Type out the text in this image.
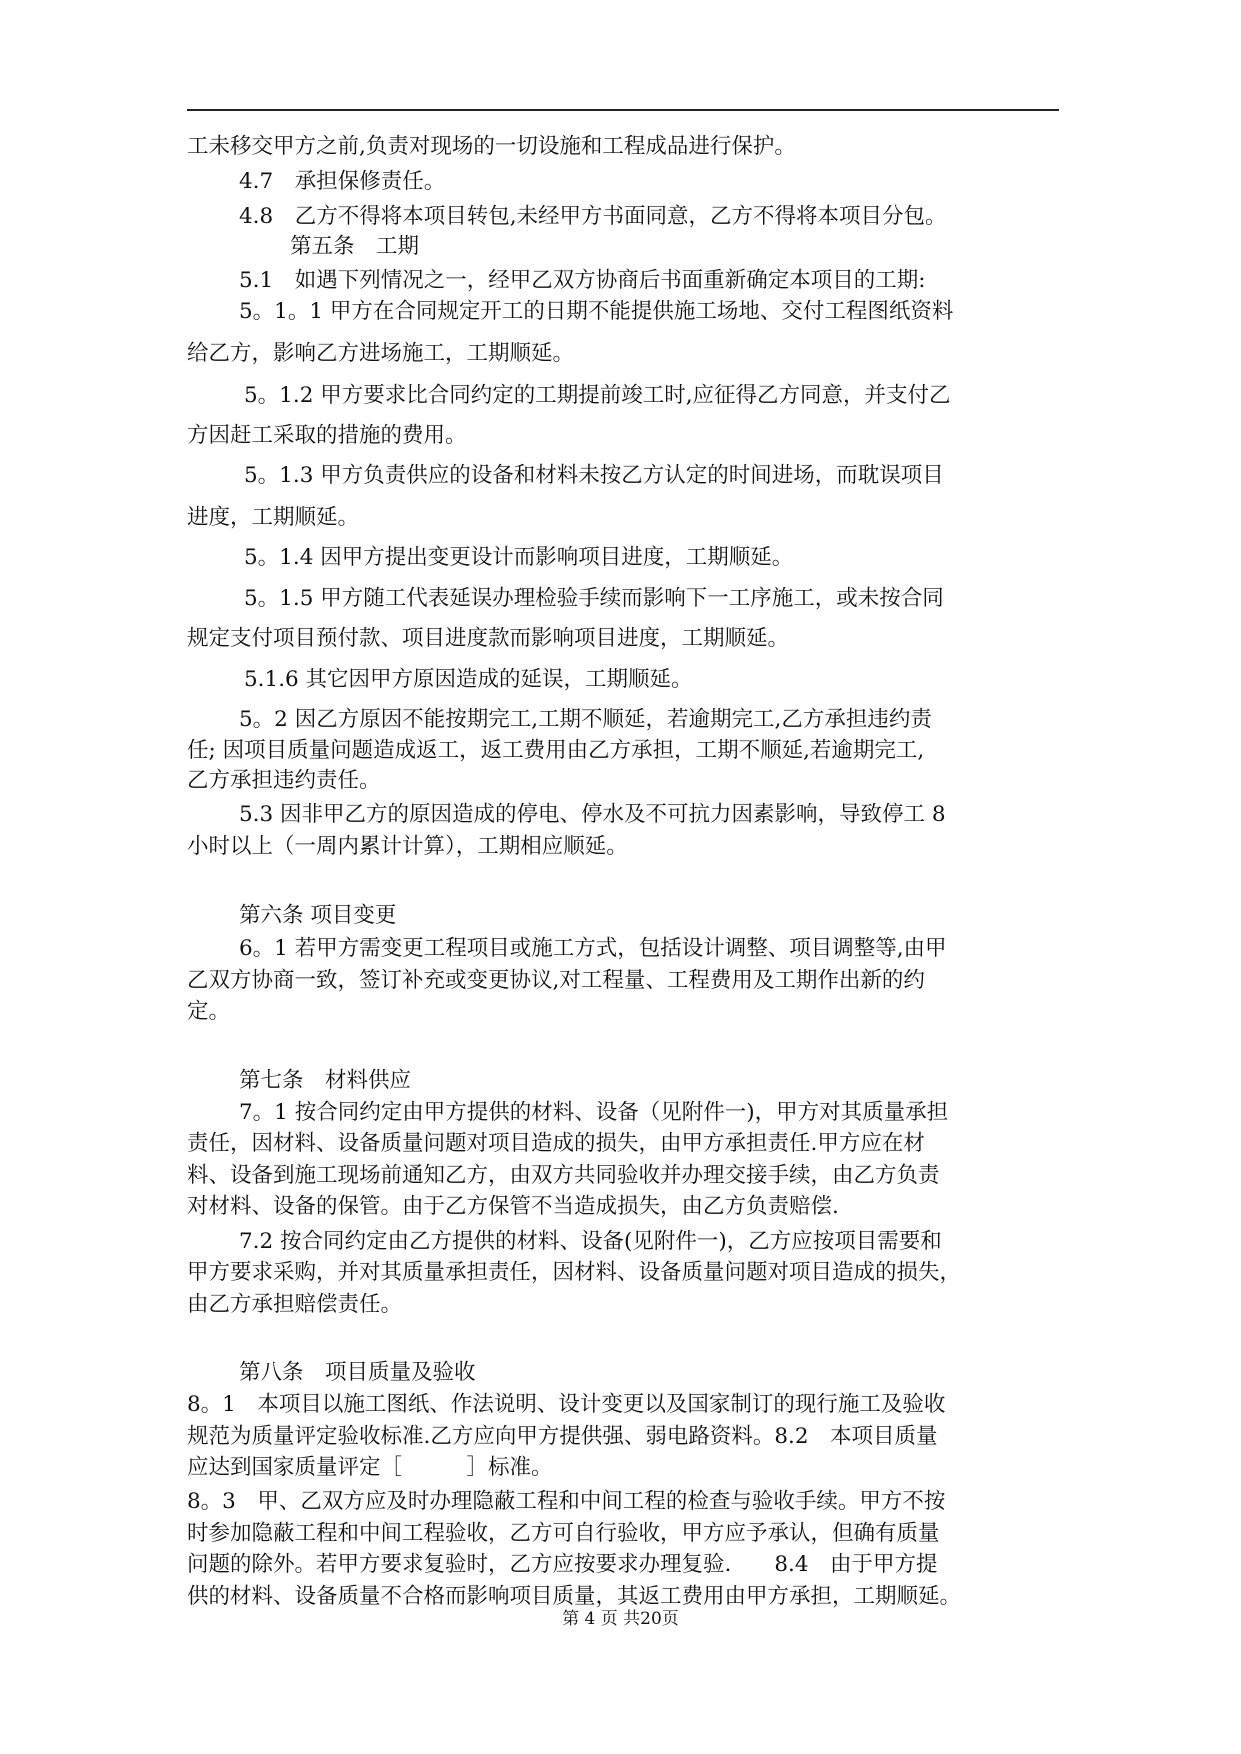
工未移交甲方之前,负责对现场的一切设施和工程成品进行保护。
4.7　承担保修责任。
4.8　乙方不得将本项目转包,未经甲方书面同意，乙方不得将本项目分包。
第五条　工期
5.1　如遇下列情况之一，经甲乙双方协商后书面重新确定本项目的工期:
5。1。1 甲方在合同规定开工的日期不能提供施工场地、交付工程图纸资料
给乙方，影响乙方进场施工，工期顺延。
5。1.2 甲方要求比合同约定的工期提前竣工时,应征得乙方同意，并支付乙
方因赶工采取的措施的费用。
5。1.3 甲方负责供应的设备和材料未按乙方认定的时间进场，而耽误项目
进度，工期顺延。
5。1.4 因甲方提出变更设计而影响项目进度，工期顺延。
5。1.5 甲方随工代表延误办理检验手续而影响下一工序施工，或未按合同
规定支付项目预付款、项目进度款而影响项目进度，工期顺延。
5.1.6 其它因甲方原因造成的延误，工期顺延。
5。2 因乙方原因不能按期完工,工期不顺延，若逾期完工,乙方承担违约责
任; 因项目质量问题造成返工，返工费用由乙方承担，工期不顺延,若逾期完工,
乙方承担违约责任。
5.3 因非甲乙方的原因造成的停电、停水及不可抗力因素影响，导致停工 8
小时以上（一周内累计计算），工期相应顺延。
第六条 项目变更
6。1 若甲方需变更工程项目或施工方式，包括设计调整、项目调整等,由甲
乙双方协商一致，签订补充或变更协议,对工程量、工程费用及工期作出新的约
定。
第七条　材料供应
7。1 按合同约定由甲方提供的材料、设备（见附件一)，甲方对其质量承担
责任，因材料、设备质量问题对项目造成的损失，由甲方承担责任.甲方应在材
料、设备到施工现场前通知乙方，由双方共同验收并办理交接手续，由乙方负责
对材料、设备的保管。由于乙方保管不当造成损失，由乙方负责赔偿.
7.2 按合同约定由乙方提供的材料、设备(见附件一)，乙方应按项目需要和
甲方要求采购，并对其质量承担责任，因材料、设备质量问题对项目造成的损失，
由乙方承担赔偿责任。
第八条　项目质量及验收
8。1　本项目以施工图纸、作法说明、设计变更以及国家制订的现行施工及验收
规范为质量评定验收标准.乙方应向甲方提供强、弱电路资料。8.2　本项目质量
应达到国家质量评定［　　　］标准。
8。3　甲、乙双方应及时办理隐蔽工程和中间工程的检查与验收手续。甲方不按
时参加隐蔽工程和中间工程验收，乙方可自行验收，甲方应予承认，但确有质量
问题的除外。若甲方要求复验时，乙方应按要求办理复验.　　8.4　由于甲方提
供的材料、设备质量不合格而影响项目质量，其返工费用由甲方承担，工期顺延。
第 4 页 共20页
